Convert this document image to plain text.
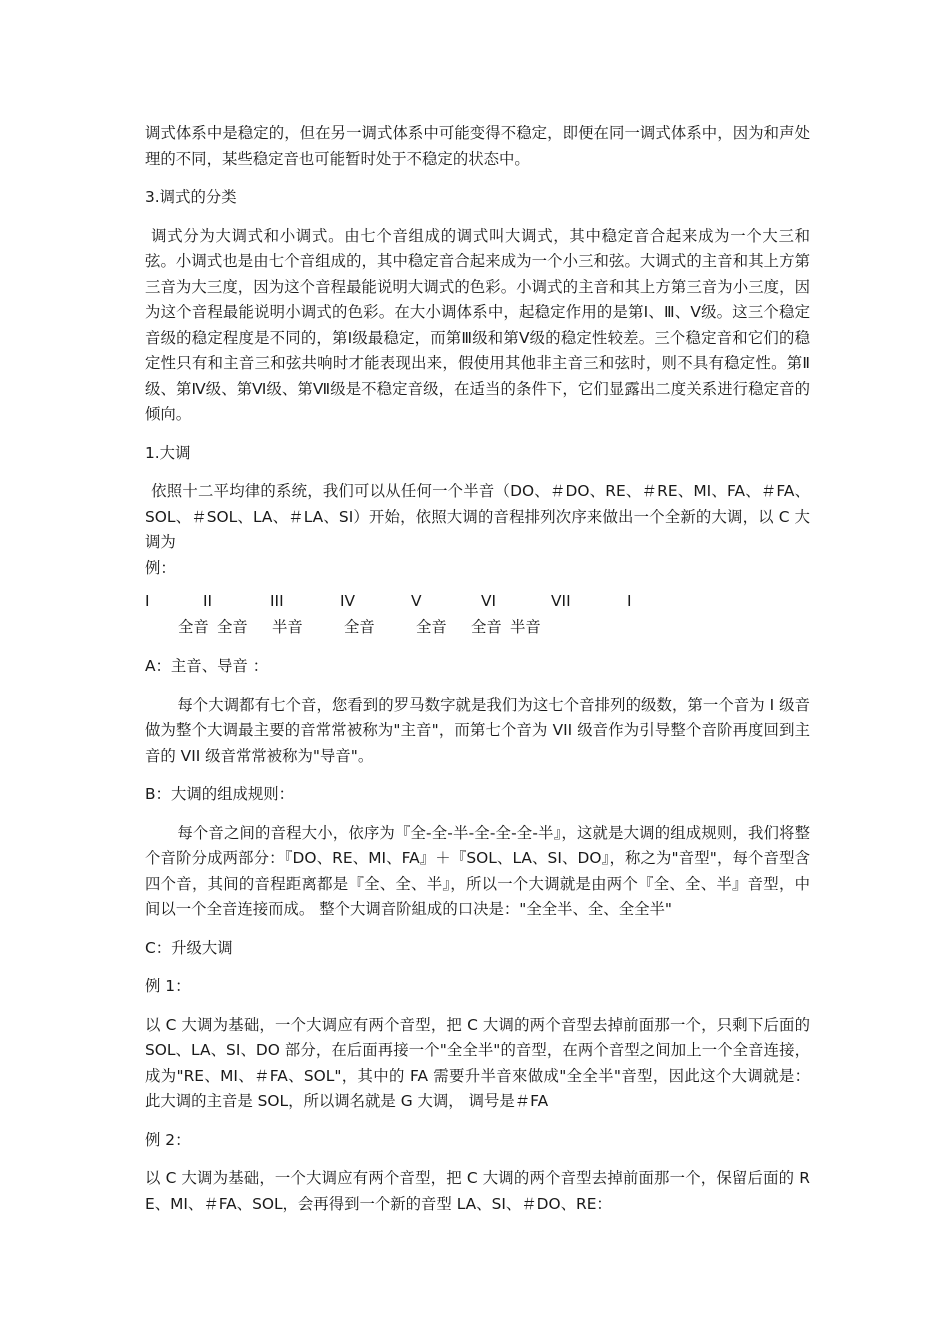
调式体系中是稳定的，但在另一调式体系中可能变得不稳定，即便在同一调式体系中，因为和声处理的不同，某些稳定音也可能暂时处于不稳定的状态中。

3.调式的分类

调式分为大调式和小调式。由七个音组成的调式叫大调式，其中稳定音合起来成为一个大三和弦。小调式也是由七个音组成的，其中稳定音合起来成为一个小三和弦。大调式的主音和其上方第三音为大三度，因为这个音程最能说明大调式的色彩。小调式的主音和其上方第三音为小三度，因为这个音程最能说明小调式的色彩。在大小调体系中，起稳定作用的是第Ⅰ、Ⅲ、Ⅴ级。这三个稳定音级的稳定程度是不同的，第Ⅰ级最稳定，而第Ⅲ级和第Ⅴ级的稳定性较差。三个稳定音和它们的稳定性只有和主音三和弦共响时才能表现出来，假使用其他非主音三和弦时，则不具有稳定性。第Ⅱ级、第Ⅳ级、第Ⅵ级、第Ⅶ级是不稳定音级，在适当的条件下，它们显露出二度关系进行稳定音的倾向。

1.大调

依照十二平均律的系统，我们可以从任何一个半音（DO、＃DO、RE、＃RE、MI、FA、＃FA、SOL、＃SOL、LA、＃LA、SI）开始，依照大调的音程排列次序来做出一个全新的大调，以 C 大调为

例：

I	II	III	IV	V	VI	VII	I
全音 全音 半音	全音	全音 全音 半音

A：主音、导音 ：

每个大调都有七个音，您看到的罗马数字就是我们为这七个音排列的级数，第一个音为 I 级音做为整个大调最主要的音常常被称为"主音"，而第七个音为 VII 级音作为引导整个音阶再度回到主音的 VII 级音常常被称为"导音"。

B：大调的组成规则：

每个音之间的音程大小，依序为『全-全-半-全-全-全-半』，这就是大调的组成规则，我们将整个音阶分成两部分：『DO、RE、MI、FA』＋『SOL、LA、SI、DO』，称之为"音型"，每个音型含四个音，其间的音程距离都是『全、全、半』，所以一个大调就是由两个『全、全、半』音型，中间以一个全音连接而成。 整个大调音阶組成的口决是："全全半、全、全全半"

C：升级大调

例 1：

以 C 大调为基础，一个大调应有两个音型，把 C 大调的两个音型去掉前面那一个，只剩下后面的 SOL、LA、SI、DO 部分，在后面再接一个"全全半"的音型，在两个音型之间加上一个全音连接，成为"RE、MI、＃FA、SOL"，其中的 FA 需要升半音來做成"全全半"音型，因此这个大调就是： 此大调的主音是 SOL，所以调名就是 G 大调， 调号是＃FA

例 2：

以 C 大调为基础，一个大调应有两个音型，把 C 大调的两个音型去掉前面那一个，保留后面的 RE、MI、＃FA、SOL，会再得到一个新的音型 LA、SI、＃DO、RE：
